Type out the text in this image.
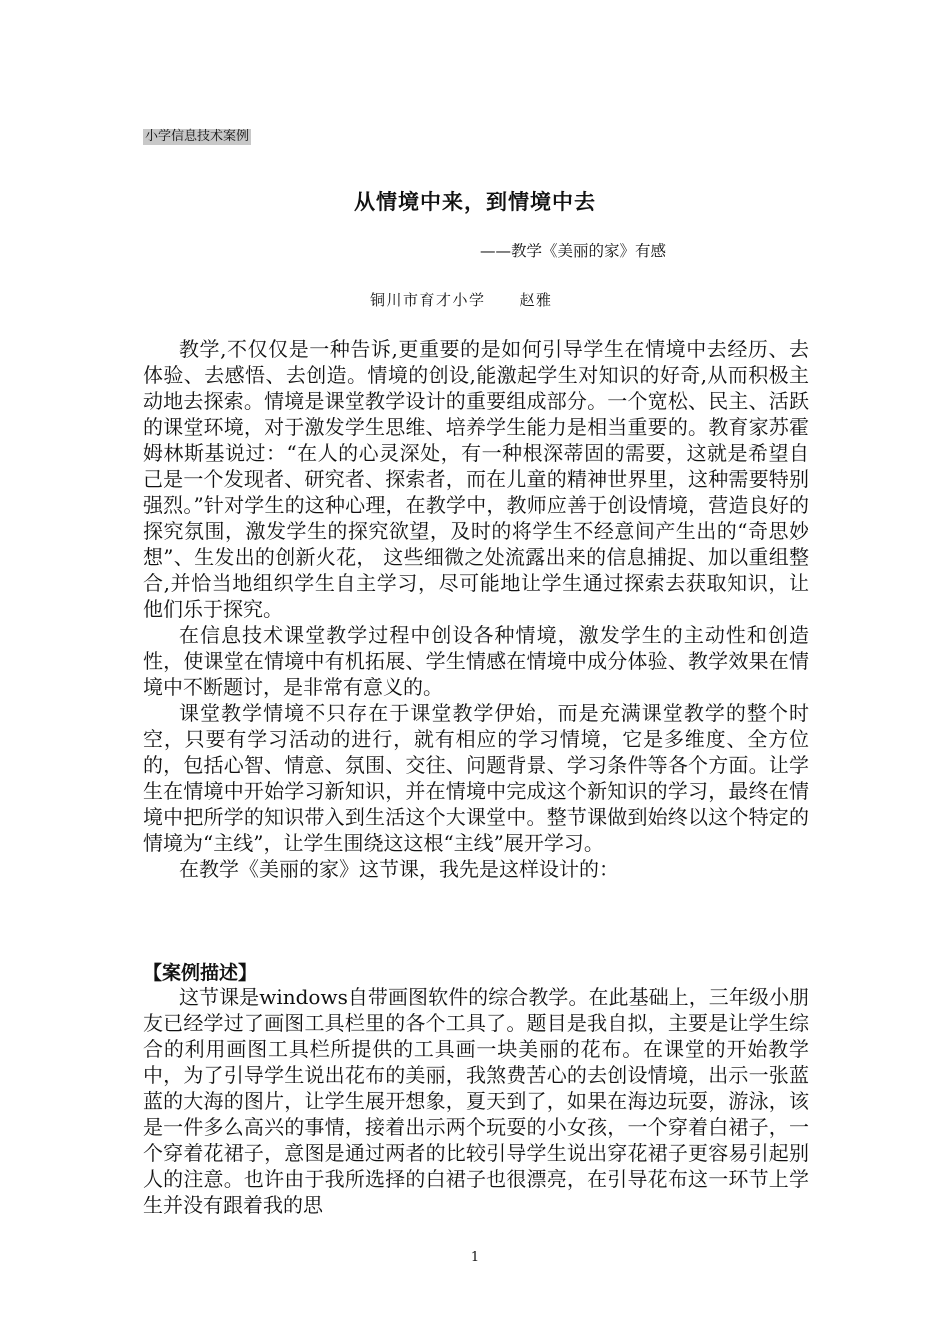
小学信息技术案例
从情境中来，到情境中去
——教学《美丽的家》有感
铜川市育才小学 赵雅

教学,不仅仅是一种告诉,更重要的是如何引导学生在情境中去经历、去体验、去感悟、去创造。情境的创设,能激起学生对知识的好奇,从而积极主动地去探索。情境是课堂教学设计的重要组成部分。一个宽松、民主、活跃的课堂环境，对于激发学生思维、培养学生能力是相当重要的。教育家苏霍姆林斯基说过：“在人的心灵深处，有一种根深蒂固的需要，这就是希望自己是一个发现者、研究者、探索者，而在儿童的精神世界里，这种需要特别强烈。”针对学生的这种心理，在教学中，教师应善于创设情境，营造良好的探究氛围，激发学生的探究欲望，及时的将学生不经意间产生出的“奇思妙想”、生发出的创新火花， 这些细微之处流露出来的信息捕捉、加以重组整合,并恰当地组织学生自主学习，尽可能地让学生通过探索去获取知识，让他们乐于探究。

在信息技术课堂教学过程中创设各种情境，激发学生的主动性和创造性，使课堂在情境中有机拓展、学生情感在情境中成分体验、教学效果在情境中不断题讨，是非常有意义的。

课堂教学情境不只存在于课堂教学伊始，而是充满课堂教学的整个时空，只要有学习活动的进行，就有相应的学习情境，它是多维度、全方位的，包括心智、情意、氛围、交往、问题背景、学习条件等各个方面。让学生在情境中开始学习新知识，并在情境中完成这个新知识的学习，最终在情境中把所学的知识带入到生活这个大课堂中。整节课做到始终以这个特定的情境为“主线”，让学生围绕这这根“主线”展开学习。

在教学《美丽的家》这节课，我先是这样设计的：

【案例描述】

这节课是windows自带画图软件的综合教学。在此基础上，三年级小朋友已经学过了画图工具栏里的各个工具了。题目是我自拟，主要是让学生综合的利用画图工具栏所提供的工具画一块美丽的花布。在课堂的开始教学中，为了引导学生说出花布的美丽，我煞费苦心的去创设情境，出示一张蓝蓝的大海的图片，让学生展开想象，夏天到了，如果在海边玩耍，游泳，该是一件多么高兴的事情，接着出示两个玩耍的小女孩，一个穿着白裙子，一个穿着花裙子，意图是通过两者的比较引导学生说出穿花裙子更容易引起别人的注意。也许由于我所选择的白裙子也很漂亮，在引导花布这一环节上学生并没有跟着我的思

1
